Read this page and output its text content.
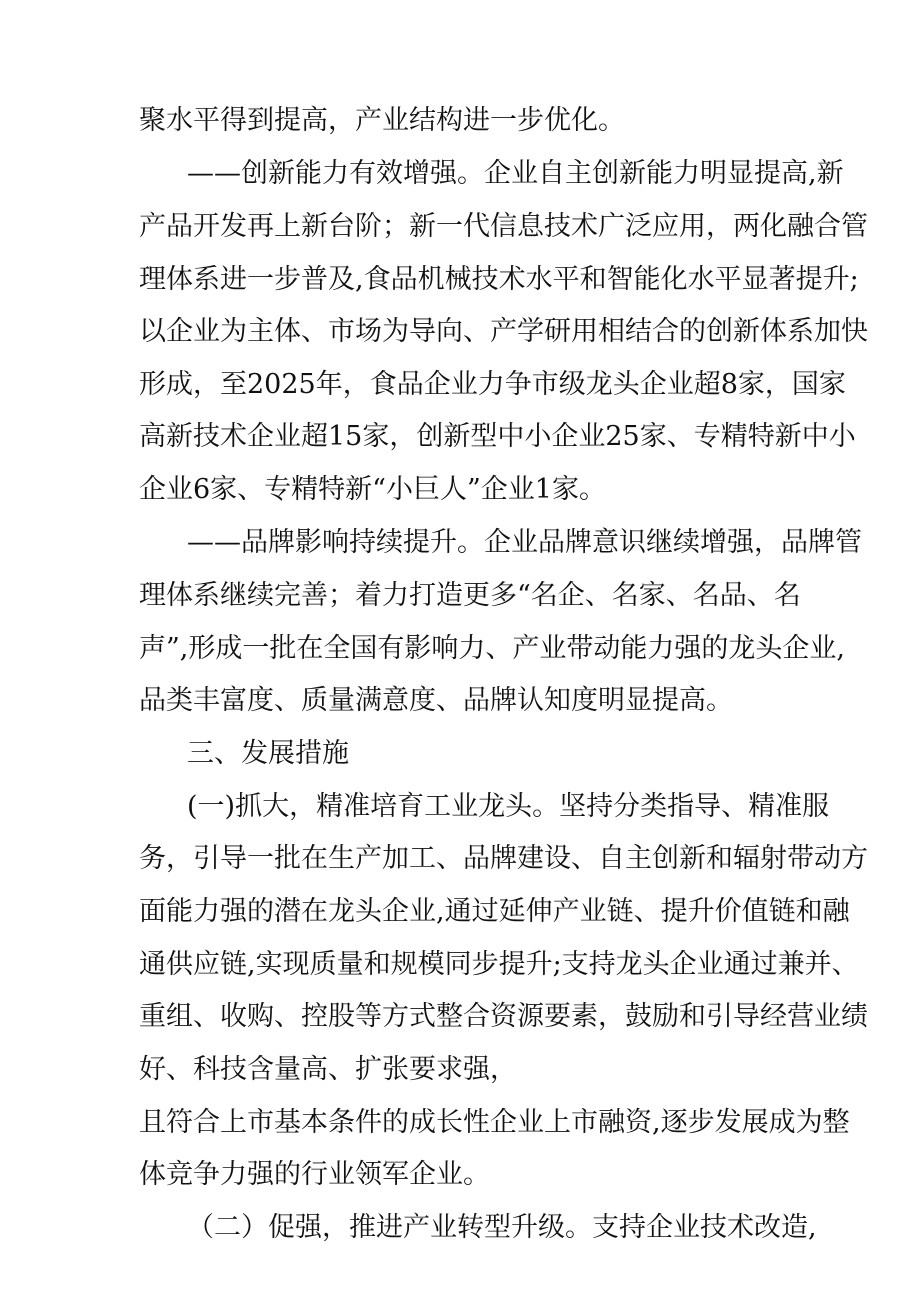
聚水平得到提高，产业结构进一步优化。

——创新能力有效增强。企业自主创新能力明显提高,新

产品开发再上新台阶；新一代信息技术广泛应用，两化融合管

理体系进一步普及,食品机械技术水平和智能化水平显著提升;

以企业为主体、市场为导向、产学研用相结合的创新体系加快

形成，至2025年，食品企业力争市级龙头企业超8家，国家

高新技术企业超15家，创新型中小企业25家、专精特新中小

企业6家、专精特新“小巨人”企业1家。

——品牌影响持续提升。企业品牌意识继续增强，品牌管

理体系继续完善；着力打造更多“名企、名家、名品、名

声”,形成一批在全国有影响力、产业带动能力强的龙头企业,

品类丰富度、质量满意度、品牌认知度明显提高。

三、发展措施

(一)抓大，精准培育工业龙头。坚持分类指导、精准服

务，引导一批在生产加工、品牌建设、自主创新和辐射带动方

面能力强的潜在龙头企业,通过延伸产业链、提升价值链和融

通供应链,实现质量和规模同步提升;支持龙头企业通过兼并、

重组、收购、控股等方式整合资源要素，鼓励和引导经营业绩

好、科技含量高、扩张要求强，

且符合上市基本条件的成长性企业上市融资,逐步发展成为整

体竞争力强的行业领军企业。

（二）促强，推进产业转型升级。支持企业技术改造,
